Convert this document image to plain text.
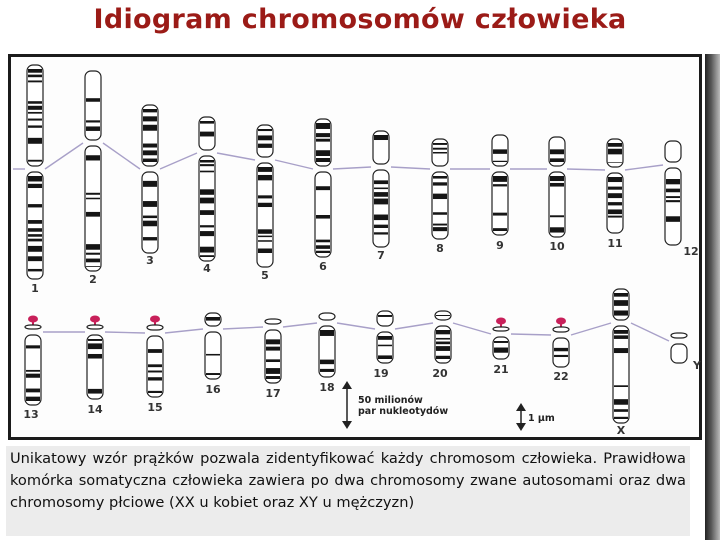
Idiogram chromosomów człowieka
1
2
3
4
5
6
7
8	9	10	11
12
13	14	15
16	17	18
19	20	21
22
X
Y
50 milionów
par nukleotydów
1 μm
Unikatowy wzór prążków pozwala zidentyfikować każdy chromosom człowieka. Prawidłowa komórka somatyczna człowieka zawiera po dwa chromosomy zwane autosomami oraz dwa chromosomy płciowe (XX u kobiet oraz XY u mężczyzn)
